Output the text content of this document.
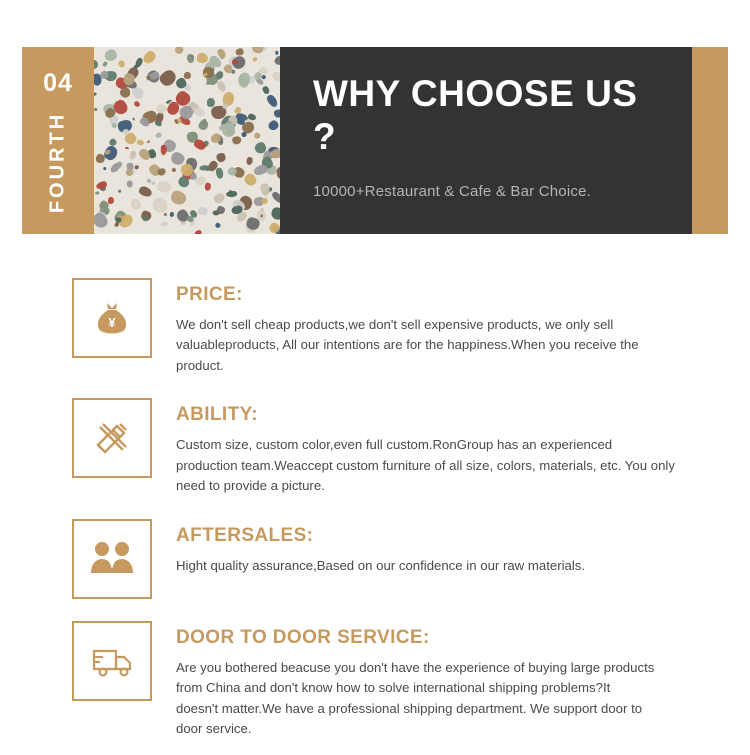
04
FOURTH
WHY CHOOSE US ?
10000+Restaurant & Cafe & Bar Choice.
¥

PRICE:

We don't sell cheap products,we don't sell expensive products, we only sell valuableproducts, All our intentions are for the happiness.When you receive the product.

ABILITY:

Custom size, custom color,even full custom.RonGroup has an experienced production team.Weaccept custom furniture of all size, colors, materials, etc. You only need to provide a picture.

AFTERSALES:

Hight quality assurance,Based on our confidence in our raw materials.

DOOR TO DOOR SERVICE:

Are you bothered beacuse you don't have the experience of buying large products from China and don't know how to solve international shipping problems?It doesn't matter.We have a professional shipping department. We support door to door service.
